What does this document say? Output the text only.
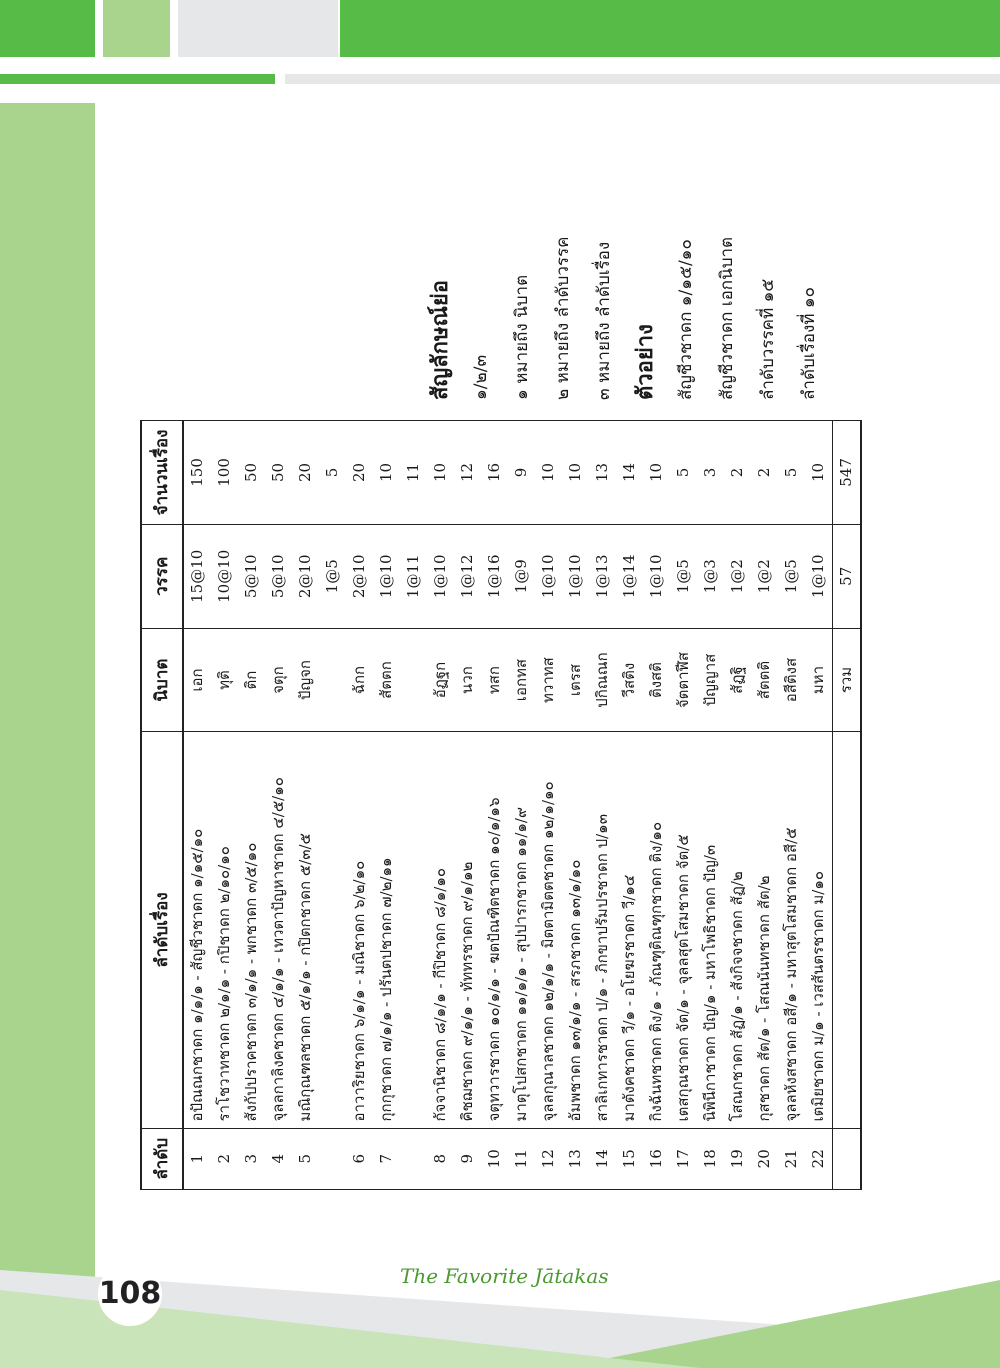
108	The Favorite Jātakas
ลำดับ	ลำดับเรื่อง	นิบาต	วรรค	จำนวนเรื่อง
1	อปัณณกชาดก ๑/๑/๑ - สัญชีวชาดก ๑/๑๕/๑๐	เอก	15@10	150
2	ราโชวาทชาดก ๒/๑/๑ - กปิชาดก ๒/๑๐/๑๐	ทุติ	10@10	100
3	สังกัปปราคชาดก ๓/๑/๑ - พกชาดก ๓/๕/๑๐	ติก	5@10	50
4	จุลลกาลิงคชาดก ๔/๑/๑ - เทวตาปัญหาชาดก ๔/๕/๑๐	จตุก	5@10	50
5	มณิกุณฑลชาดก ๕/๑/๑ - กปิตกชาดก ๕/๓/๕	ปัญจก	2@10	20
			1@5	5
6	อาวาริยชาดก ๖/๑/๑ - มณิชาดก ๖/๒/๑๐	ฉักก	2@10	20
7	กุกกุชาดก ๗/๑/๑ - ปรันตปชาดก ๗/๒/๑๑	สัตตก	1@10	10
			1@11	11
8	กัจจานิชาดก ๘/๑/๑ - กีปิชาดก ๘/๑/๑๐	อัฏฐก	1@10	10
9	คิชฌชาดก ๙/๑/๑ - ทัททรชาดก ๙/๑/๑๒	นวก	1@12	12
10	จตุทวารชาดก ๑๐/๑/๑ - ฆตปัณฑิตชาดก ๑๐/๑/๑๖	ทสก	1@16	16
11	มาตุโปสกชาดก ๑๑/๑/๑ - สุปปารกชาดก ๑๑/๑/๙	เอกทส	1@9	9
12	จุลลกุณาลชาดก ๑๒/๑/๑ - มิตตามิตตชาดก ๑๒/๑/๑๐	ทวาทส	1@10	10
13	อัมพชาดก ๑๓/๑/๑ - สรภชาดก ๑๓/๑/๑๐	เตรส	1@10	10
14	สาลิเกทารชาดก ป/๑ - ภิกขาปรัมปรชาดก ป/๑๓	ปกิณณก	1@13	13
15	มาตังคชาดก วี/๑ - อโยฆรชาดก วี/๑๔	วีสติง	1@14	14
16	กิงฉันทชาดก ติง/๑ - ภัณฑุติณฑุกชาดก ติง/๑๐	ติงสติ	1@10	10
17	เตสกุณชาดก จัต/๑ - จุลลสุตโสมชาดก จัต/๕	จัตตาฬีส	1@5	5
18	นิพินีกาชาดก ปัญ/๑ - มหาโพธิชาดก ปัญ/๓	ปัญญาส	1@3	3
19	โสณกชาดก สัฏ/๑ - สังกิจจชาดก สัฏ/๒	สัฏฐิ	1@2	2
20	กุสชาดก สัต/๑ - โสณนันทชาดก สัต/๒	สัตตติ	1@2	2
21	จุลลหังสชาดก อสี/๑ - มหาสุตโสมชาดก อสี/๕	อสีติงส	1@5	5
22	เตมิยชาดก ม/๑ - เวสสันตรชาดก ม/๑๐	มหา	1@10	10
		รวม	57	547
สัญลักษณ์ย่อ	๑/๒/๓	๑ หมายถึง นิบาต	๒ หมายถึง ลำดับวรรค	๓ หมายถึง ลำดับเรื่อง ตัวอย่าง	สัญชีวชาดก ๑/๑๕/๑๐	สัญชีวชาดก เอกนิบาต	ลำดับวรรคที่ ๑๕	ลำดับเรื่องที่ ๑๐
